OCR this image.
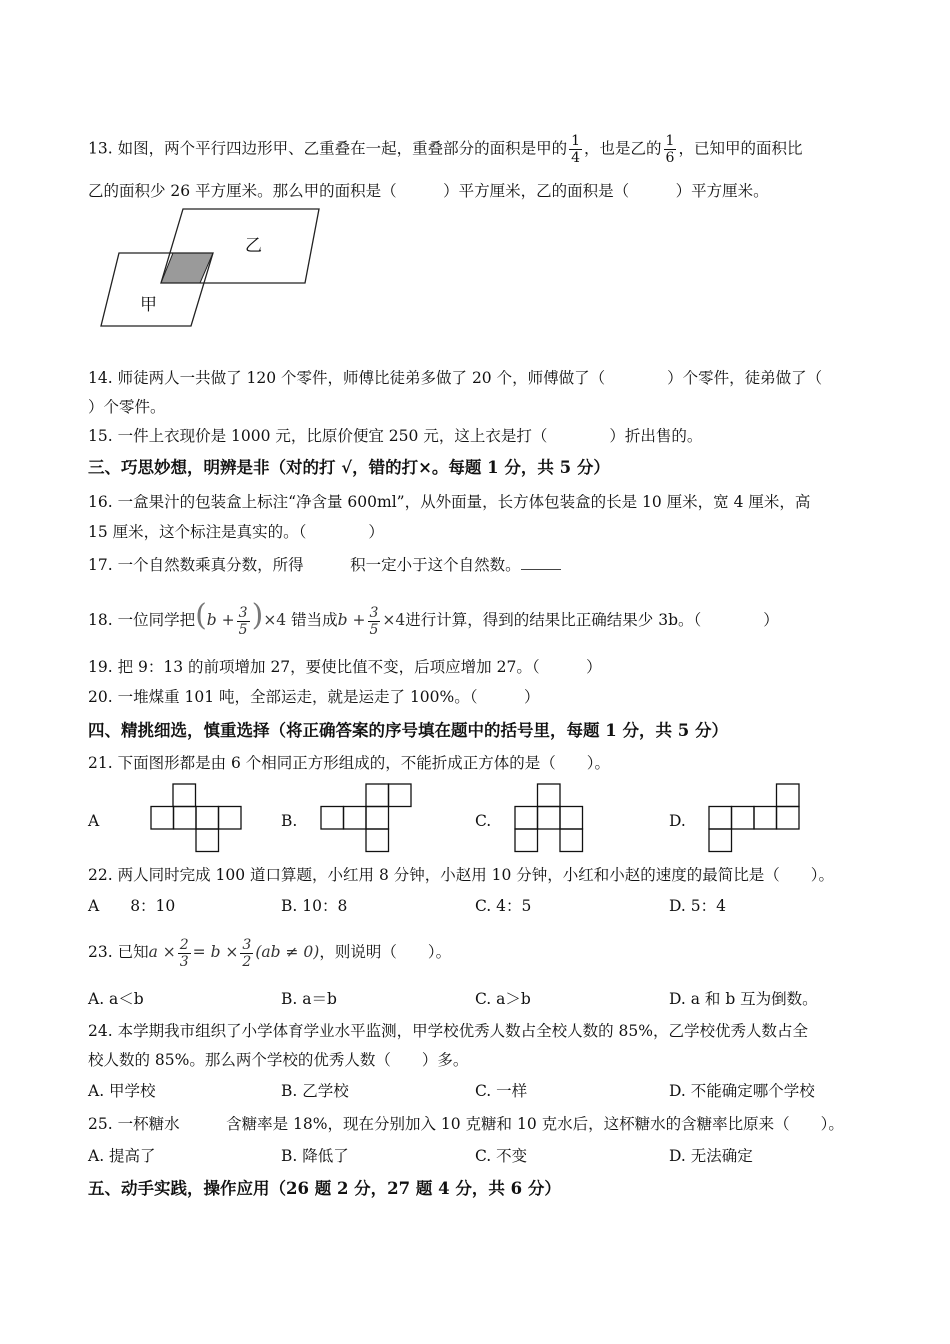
13. 如图，两个平行四边形甲、乙重叠在一起，重叠部分的面积是甲的 $\frac{1}{4}$ ，也是乙的 $\frac{1}{6}$ ，已知甲的面积比
乙的面积少 26 平方厘米。那么甲的面积是（　　　）平方厘米，乙的面积是（　　　）平方厘米。
乙
甲
14. 师徒两人一共做了 120 个零件，师傅比徒弟多做了 20 个，师傅做了（　　　　）个零件，徒弟做了（
）个零件。
15. 一件上衣现价是 1000 元，比原价便宜 250 元，这上衣是打（　　　　）折出售的。
三、巧思妙想，明辨是非（对的打 √，错的打×。每题 1 分，共 5 分）
16. 一盒果汁的包装盒上标注“净含量 600ml”，从外面量，长方体包装盒的长是 10 厘米，宽 4 厘米，高
15 厘米，这个标注是真实的。（　　　　）
17. 一个自然数乘真分数，所得　　　积一定小于这个自然数。
18. 一位同学把$(b + \frac{3}{5} )\times 4$ 错当成$b + \frac{3}{5} \times 4$进行计算，得到的结果比正确结果少 3b。（　　　　）
19. 把 9：13 的前项增加 27，要使比值不变，后项应增加 27。（　　　）
20. 一堆煤重 101 吨，全部运走，就是运走了 100%。（　　　）
四、精挑细选，慎重选择（将正确答案的序号填在题中的括号里，每题 1 分，共 5 分）
21. 下面图形都是由 6 个相同正方形组成的，不能折成正方体的是（　　）。
A	B.	C.	D.
22. 两人同时完成 100 道口算题，小红用 8 分钟，小赵用 10 分钟，小红和小赵的速度的最简比是（　　）。
A　　8：10	B. 10：8	C. 4：5	D. 5：4
23. 已知$a \times \frac{2}{3} = b \times \frac{3}{2} (ab \ne 0)$，则说明（　　）。
A. a＜b	B. a＝b	C. a＞b	D. a 和 b 互为倒数。
24. 本学期我市组织了小学体育学业水平监测，甲学校优秀人数占全校人数的 85%，乙学校优秀人数占全
校人数的 85%。那么两个学校的优秀人数（　　）多。
A. 甲学校	B. 乙学校	C. 一样	D. 不能确定哪个学校
25. 一杯糖水　　　含糖率是 18%，现在分别加入 10 克糖和 10 克水后，这杯糖水的含糖率比原来（　　）。
A. 提高了	B. 降低了	C. 不变	D. 无法确定
五、动手实践，操作应用（26 题 2 分，27 题 4 分，共 6 分）
